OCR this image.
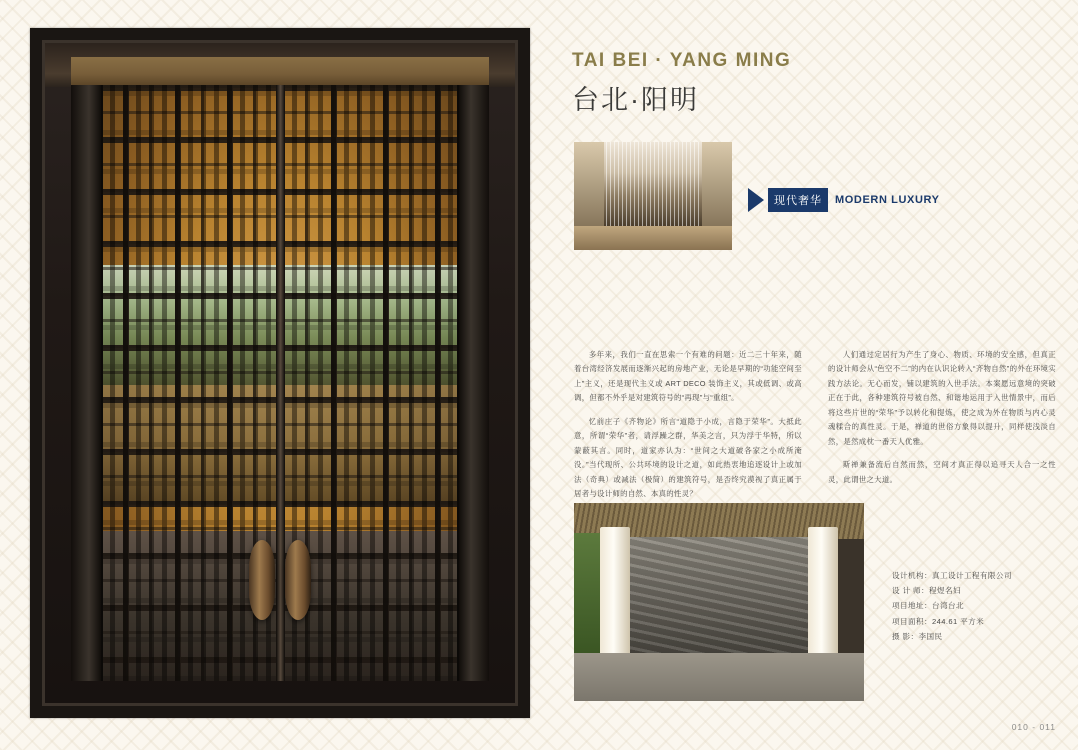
TAI BEI · YANG MING
台北·阳明
现代奢华	MODERN LUXURY

多年来，我们一直在思索一个有难的问题：近二三十年来，随着台湾经济发展而逐渐兴起的房地产业，无论是早期的“功能空间至上”主义，还是现代主义或 ART DECO 装饰主义，其或低调、或高调，但都不外乎是对建筑符号的“再现”与“重组”。

忆前庄子《齐物论》所言“道隐于小成，言隐于荣华”。大抵此意，所谓“荣华”者，请浮躁之群，华美之言，只为浮于华特，所以蒙蔽其言。同时，道家亦认为：“世间之大道破各家之小成所淹没。”当代现所、公共环境的设计之道，如此热衷地追逐设计上或加法（奇典）或减法（极简）的建筑符号，是否终究漠视了真正属于居者与设计师的自然、本真的性灵？

人们通过定居行为产生了身心、物质、环境的安全感，但真正的设计师会从“色空不二”的内在认识论转入“齐物自然”的外在环境实践方法论。无心而发，铺以建筑的入世手法。本案愿远意境的突破正在于此，各种建筑符号被自然、和谐地运用于入世情景中，而后将这些片世的“荣华”予以转化和提炼，使之成为外在物质与内心灵魂糅合的真性灵。于是，禅道的世俗方象得以提升，同样使浅淡自然，是然成枕一番天人优雅。

斯禅兼备流后自然而然，空间才真正得以追寻天人合一之性灵，此谓世之大道。

设计机构：真工设计工程有限公司
设 计 师：程煜名妇
项目地址：台湾台北
项目面积：244.61 平方米
摄 影：李国民
010 - 011
